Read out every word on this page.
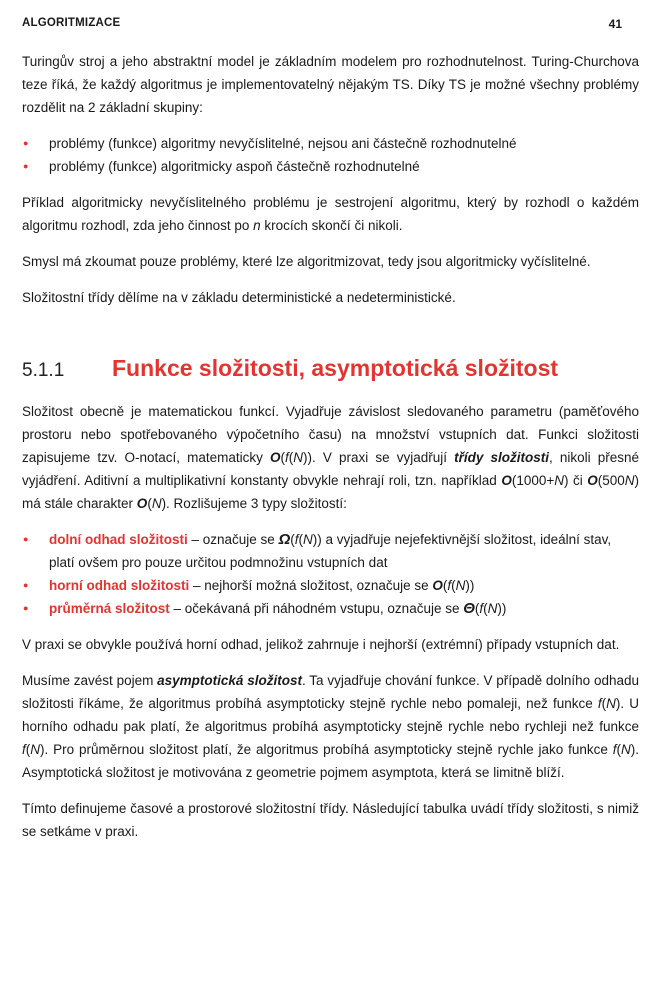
ALGORITMIZACE	41

Turingův stroj a jeho abstraktní model je základním modelem pro rozhodnutelnost. Turing-Churchova teze říká, že každý algoritmus je implementovatelný nějakým TS. Díky TS je možné všechny problémy rozdělit na 2 základní skupiny:

● problémy (funkce) algoritmy nevyčíslitelné, nejsou ani částečně rozhodnutelné
● problémy (funkce) algoritmicky aspoň částečně rozhodnutelné

Příklad algoritmicky nevyčíslitelného problému je sestrojení algoritmu, který by rozhodl o každém algoritmu rozhodl, zda jeho činnost po n krocích skončí či nikoli.

Smysl má zkoumat pouze problémy, které lze algoritmizovat, tedy jsou algoritmicky vyčíslitelné.

Složitostní třídy dělíme na v základu deterministické a nedeterministické.

5.1.1	Funkce složitosti, asymptotická složitost

Složitost obecně je matematickou funkcí. Vyjadřuje závislost sledovaného parametru (paměťového prostoru nebo spotřebovaného výpočetního času) na množství vstupních dat. Funkci složitosti zapisujeme tzv. O-notací, matematicky O(f(N)). V praxi se vyjadřují třídy složitosti, nikoli přesné vyjádření. Aditivní a multiplikativní konstanty obvykle nehrají roli, tzn. například O(1000+N) či O(500N) má stále charakter O(N). Rozlišujeme 3 typy složitostí:

● dolní odhad složitosti – označuje se Ω(f(N)) a vyjadřuje nejefektivnější složitost, ideální stav, platí ovšem pro pouze určitou podmnožinu vstupních dat
● horní odhad složitosti – nejhorší možná složitost, označuje se O(f(N))
● průměrná složitost – očekávaná při náhodném vstupu, označuje se Θ(f(N))

V praxi se obvykle používá horní odhad, jelikož zahrnuje i nejhorší (extrémní) případy vstupních dat.

Musíme zavést pojem asymptotická složitost. Ta vyjadřuje chování funkce. V případě dolního odhadu složitosti říkáme, že algoritmus probíhá asymptoticky stejně rychle nebo pomaleji, než funkce f(N). U horního odhadu pak platí, že algoritmus probíhá asymptoticky stejně rychle nebo rychleji než funkce f(N). Pro průměrnou složitost platí, že algoritmus probíhá asymptoticky stejně rychle jako funkce f(N). Asymptotická složitost je motivována z geometrie pojmem asymptota, která se limitně blíží.

Tímto definujeme časové a prostorové složitostní třídy. Následující tabulka uvádí třídy složitosti, s nimiž se setkáme v praxi.
